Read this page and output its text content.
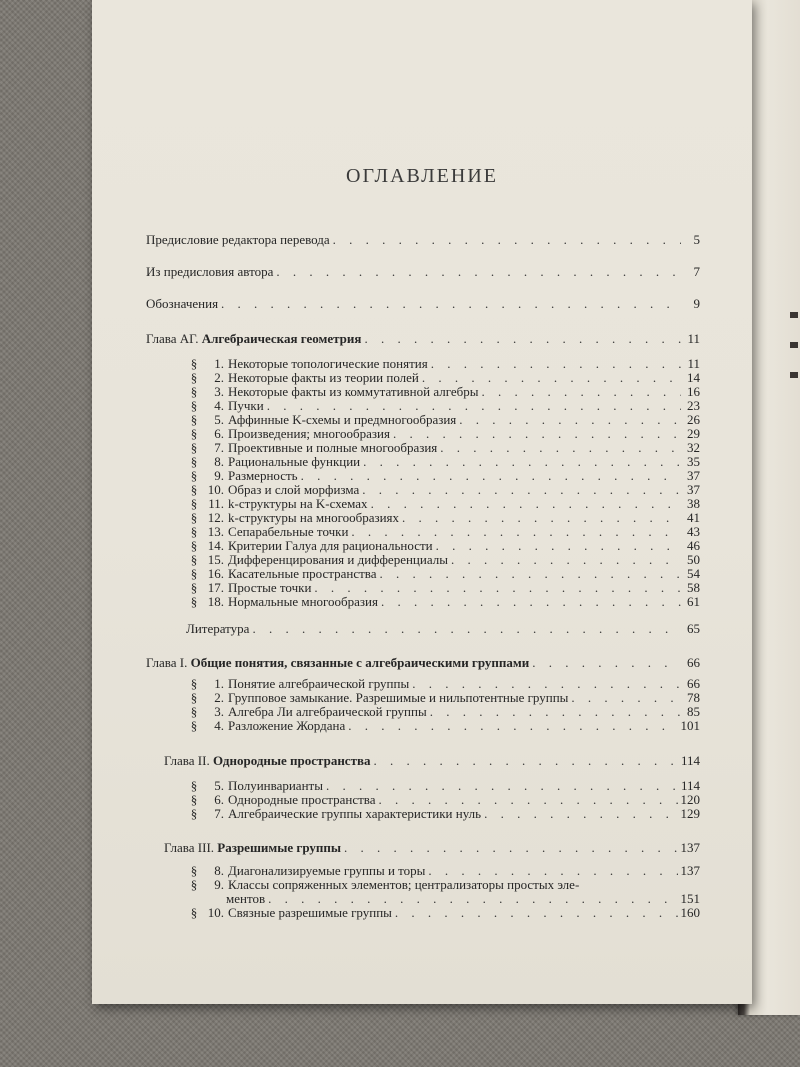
ОГЛАВЛЕНИЕ
Предисловие редактора перевода . . .	5
Из предисловия автора . . .	7
Обозначения . . .	9
Глава АГ. Алгебраическая геометрия . . .	11
§	1. Некоторые топологические понятия . . .	11
§	2. Некоторые факты из теории полей . . .	14
§	3. Некоторые факты из коммутативной алгебры . . .	16
§	4. Пучки . . .	23
§	5. Аффинные K-схемы и предмногообразия . . .	26
§	6. Произведения; многообразия . . .	29
§	7. Проективные и полные многообразия . . .	32
§	8. Рациональные функции . . .	35
§	9. Размерность . . .	37
§ 10. Образ и слой морфизма . . .	37
§ 11. k-структуры на K-схемах . . .	38
§ 12. k-структуры на многообразиях . . .	41
§ 13. Сепарабельные точки . . .	43
§ 14. Критерии Галуа для рациональности . . .	46
§ 15. Дифференцирования и дифференциалы . . .	50
§ 16. Касательные пространства . . .	54
§ 17. Простые точки . . .	58
§ 18. Нормальные многообразия . . .	61
Литература . . .	65
Глава I. Общие понятия, связанные с алгебраическими группами . . .	66
§	1. Понятие алгебраической группы . . .	66
§	2. Групповое замыкание. Разрешимые и нильпотентные группы . . .	78
§	3. Алгебра Ли алгебраической группы . . .	85
§	4. Разложение Жордана . . .	101
Глава II. Однородные пространства . . .	114
§	5. Полуинварианты . . .	114
§	6. Однородные пространства . . .	120
§	7. Алгебраические группы характеристики нуль . . .	129
Глава III. Разрешимые группы . . .	137
§	8. Диагонализируемые группы и торы . . .	137
§	9. Классы сопряженных элементов; централизаторы простых эле-
ментов . . .	151
§ 10. Связные разрешимые группы . . .	160
